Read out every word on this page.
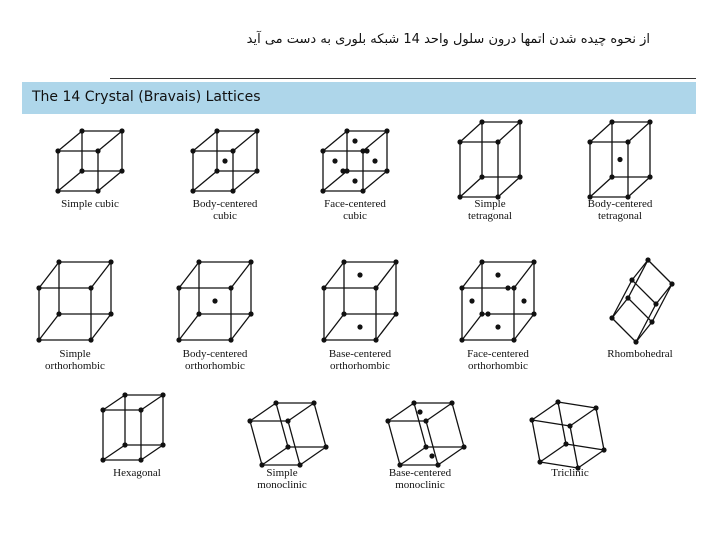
از نحوه چیده شدن اتمها درون سلول واحد 14 شبکه بلوری به دست می آید
The 14 Crystal (Bravais) Lattices
Simple cubic	Body-centered
cubic
Face-centered
cubic
Simple
tetragonal
Body-centered
tetragonal
Simple
orthorhombic
Body-centered
orthorhombic
Base-centered
orthorhombic
Face-centered
orthorhombic
Rhombohedral
Hexagonal	Simple
monoclinic
Base-centered
monoclinic
Triclinic
